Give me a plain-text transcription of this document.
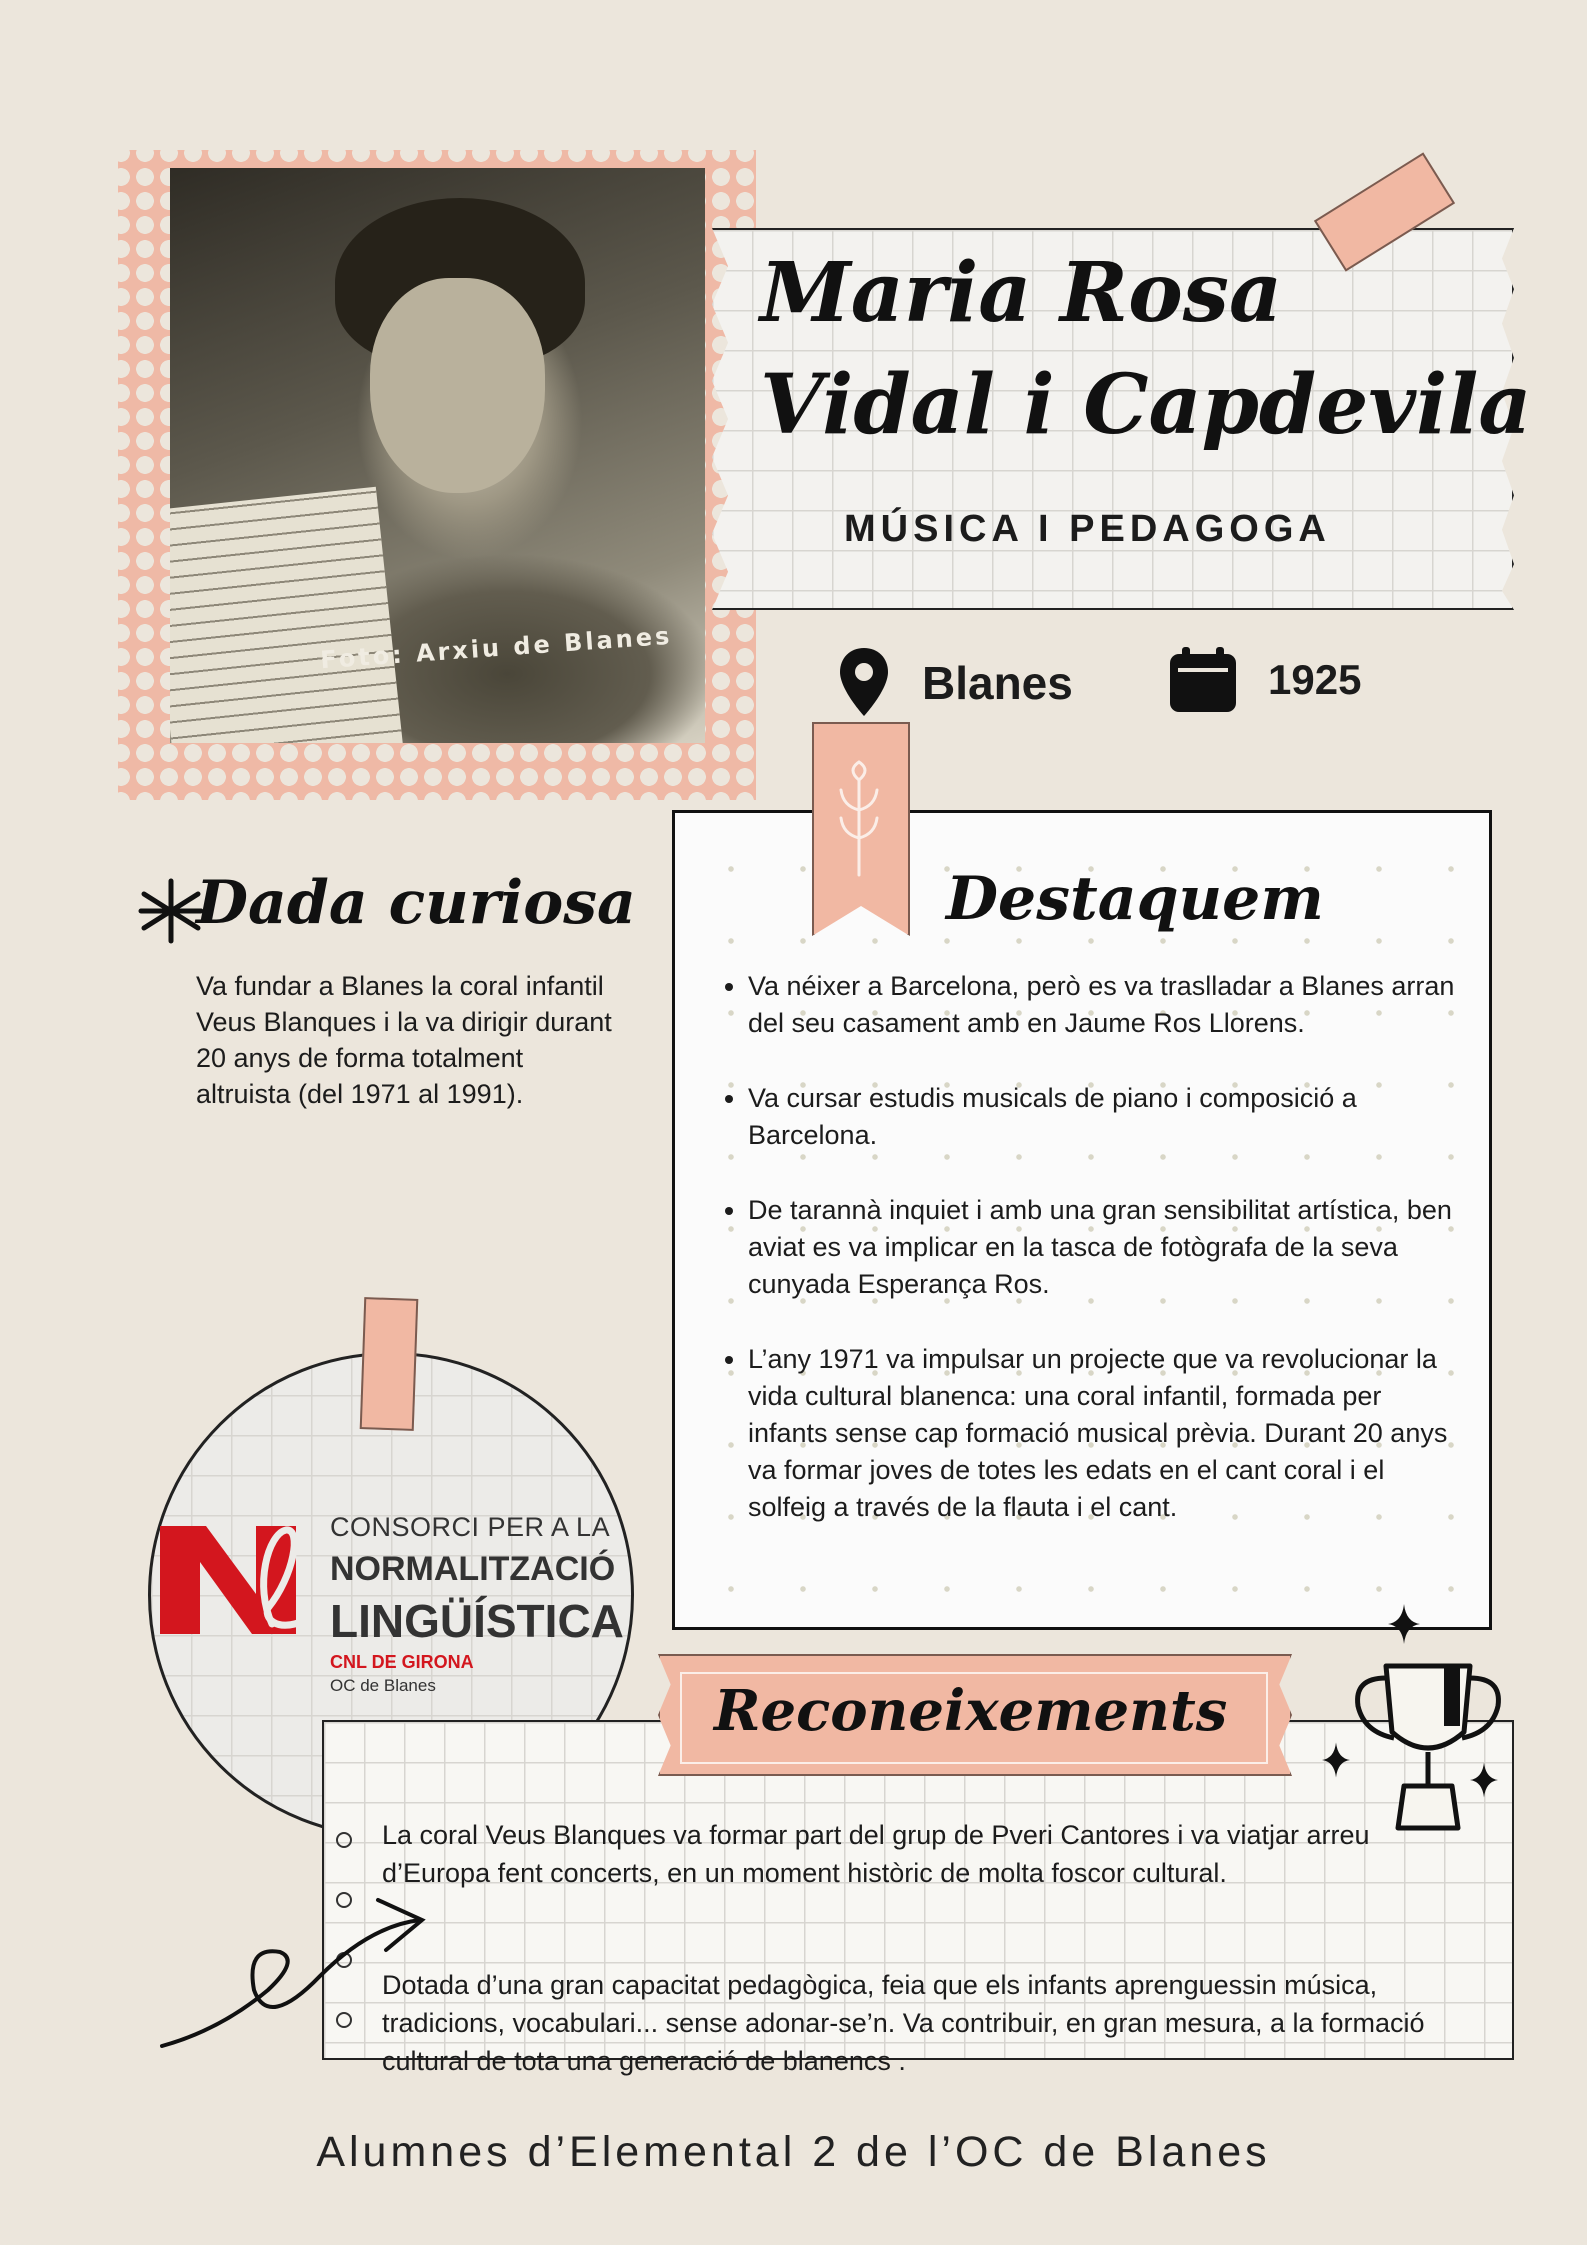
Foto: Arxiu de Blanes
Maria Rosa
Vidal i Capdevila
MÚSICA I PEDAGOGA
Blanes	1925
Dada curiosa
Va fundar a Blanes la coral infantil Veus Blanques i la va dirigir durant 20 anys de forma totalment altruista (del 1971 al 1991).
Destaquem
• Va néixer a Barcelona, però es va traslladar a Blanes arran del seu casament amb en Jaume Ros Llorens.
• Va cursar estudis musicals de piano i composició a Barcelona.
• De tarannà inquiet i amb una gran sensibilitat artística, ben aviat es va implicar en la tasca de fotògrafa de la seva cunyada Esperança Ros.
• L’any 1971 va impulsar un projecte que va revolucionar la vida cultural blanenca: una coral infantil, formada per infants sense cap formació musical prèvia. Durant 20 anys va formar joves de totes les edats en el cant coral i el solfeig a través de la flauta i el cant.
CONSORCI PER A LA
NORMALITZACIÓ
LINGÜÍSTICA
CNL DE GIRONA
OC de Blanes	Reconeixements
La coral Veus Blanques va formar part del grup de Pveri Cantores i va viatjar arreu d’Europa fent concerts, en un moment històric de molta foscor cultural.
Dotada d’una gran capacitat pedagògica, feia que els infants aprenguessin música, tradicions, vocabulari... sense adonar-se’n. Va contribuir, en gran mesura, a la formació cultural de tota una generació de blanencs .
Alumnes d’Elemental 2 de l’OC de Blanes
